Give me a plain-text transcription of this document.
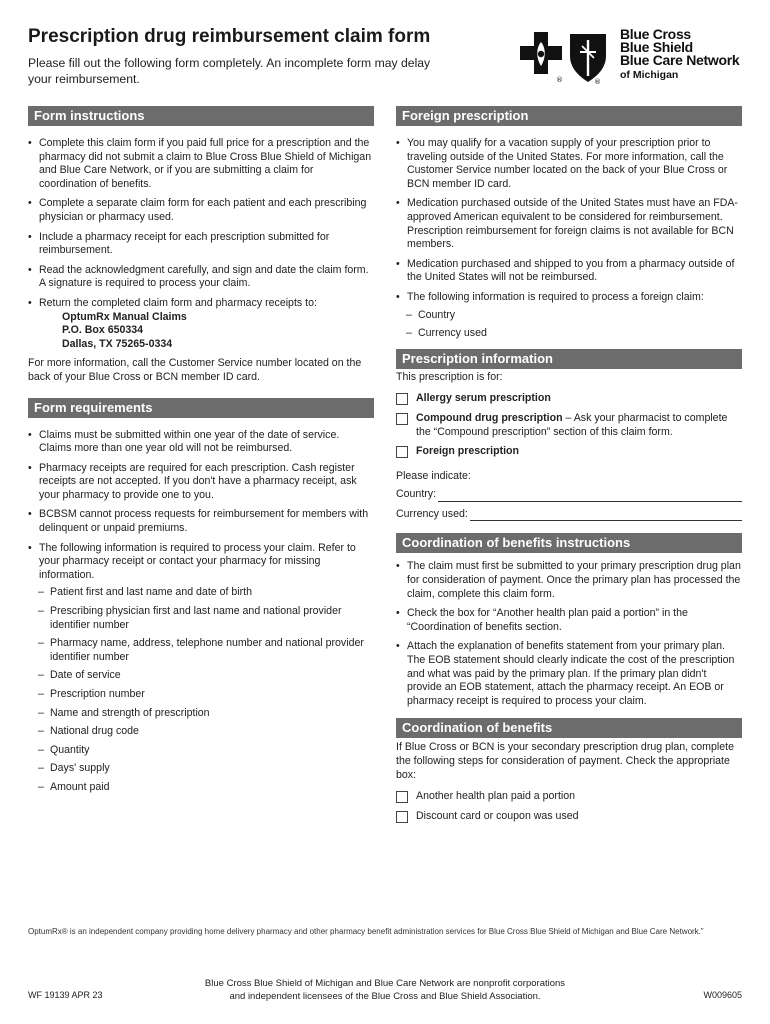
Prescription drug reimbursement claim form
Please fill out the following form completely. An incomplete form may delay your reimbursement.	®	®
Blue Cross
Blue Shield
Blue Care Network
of Michigan
Form instructions
• Complete this claim form if you paid full price for a prescription and the pharmacy did not submit a claim to Blue Cross Blue Shield of Michigan and Blue Care Network, or if you are submitting a claim for coordination of benefits.
• Complete a separate claim form for each patient and each prescribing physician or pharmacy used.
• Include a pharmacy receipt for each prescription submitted for reimbursement.
• Read the acknowledgment carefully, and sign and date the claim form. A signature is required to process your claim.
• Return the completed claim form and pharmacy receipts to:
OptumRx Manual Claims
P.O. Box 650334
Dallas, TX 75265-0334
For more information, call the Customer Service number located on the back of your Blue Cross or BCN member ID card.
Form requirements
• Claims must be submitted within one year of the date of service. Claims more than one year old will not be reimbursed.
• Pharmacy receipts are required for each prescription. Cash register receipts are not accepted. If you don't have a pharmacy receipt, ask your pharmacy to provide one to you.
• BCBSM cannot process requests for reimbursement for members with delinquent or unpaid premiums.
• The following information is required to process your claim. Refer to your pharmacy receipt or contact your pharmacy for missing information.
– Patient first and last name and date of birth
– Prescribing physician first and last name and national provider identifier number
– Pharmacy name, address, telephone number and national provider identifier number
– Date of service
– Prescription number
– Name and strength of prescription
– National drug code
– Quantity
– Days' supply
– Amount paid
Foreign prescription
• You may qualify for a vacation supply of your prescription prior to traveling outside of the United States. For more information, call the Customer Service number located on the back of your Blue Cross or BCN member ID card.
• Medication purchased outside of the United States must have an FDA-approved American equivalent to be considered for reimbursement. Prescription reimbursement for foreign claims is not available for BCN members.
• Medication purchased and shipped to you from a pharmacy outside of the United States will not be reimbursed.
• The following information is required to process a foreign claim:
– Country
– Currency used
Prescription information
This prescription is for:
Allergy serum prescription
Compound drug prescription – Ask your pharmacist to complete the “Compound prescription” section of this claim form.
Foreign prescription
Please indicate:
Country:
Currency used:
Coordination of benefits instructions
• The claim must first be submitted to your primary prescription drug plan for consideration of payment. Once the primary plan has processed the claim, complete this claim form.
• Check the box for “Another health plan paid a portion” in the “Coordination of benefits section.
• Attach the explanation of benefits statement from your primary plan. The EOB statement should clearly indicate the cost of the prescription and what was paid by the primary plan. If the primary plan didn't provide an EOB statement, attach the pharmacy receipt. An EOB or pharmacy receipt is required to process your claim.
Coordination of benefits
If Blue Cross or BCN is your secondary prescription drug plan, complete the following steps for consideration of payment. Check the appropriate box:
Another health plan paid a portion
Discount card or coupon was used
OptumRx® is an independent company providing home delivery pharmacy and other pharmacy benefit administration services for Blue Cross Blue Shield of Michigan and Blue Care Network.”
WF 19139 APR 23
Blue Cross Blue Shield of Michigan and Blue Care Network are nonprofit corporations
and independent licensees of the Blue Cross and Blue Shield Association.	W009605
